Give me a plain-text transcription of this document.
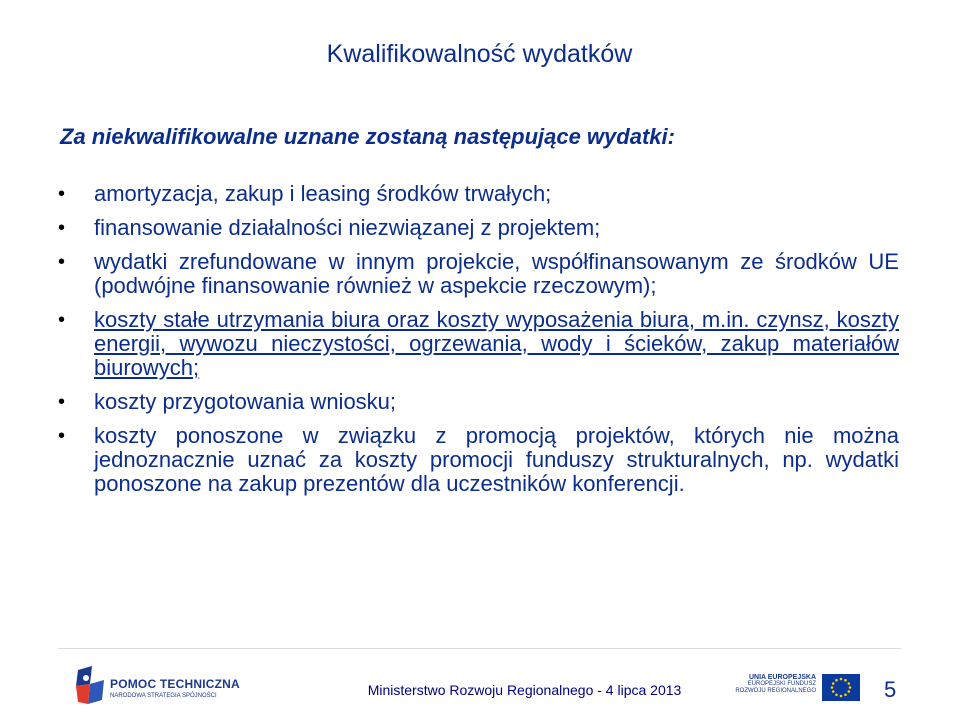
Kwalifikowalność wydatków
Za niekwalifikowalne uznane zostaną następujące wydatki:
• amortyzacja, zakup i leasing środków trwałych;
• finansowanie działalności niezwiązanej z projektem;
• wydatki zrefundowane w innym projekcie, współfinansowanym ze środków UE (podwójne finansowanie również w aspekcie rzeczowym);
• koszty stałe utrzymania biura oraz koszty wyposażenia biura, m.in. czynsz, koszty energii, wywozu nieczystości, ogrzewania, wody i ścieków, zakup materiałów biurowych;
• koszty przygotowania wniosku;
• koszty ponoszone w związku z promocją projektów, których nie można jednoznacznie uznać za koszty promocji funduszy strukturalnych, np. wydatki ponoszone na zakup prezentów dla uczestników konferencji.
POMOC TECHNICZNA
NARODOWA STRATEGIA SPÓJNOŚCI	Ministerstwo Rozwoju Regionalnego - 4 lipca 2013
UNIA EUROPEJSKA
EUROPEJSKI FUNDUSZ
ROZWOJU REGIONALNEGO	5
